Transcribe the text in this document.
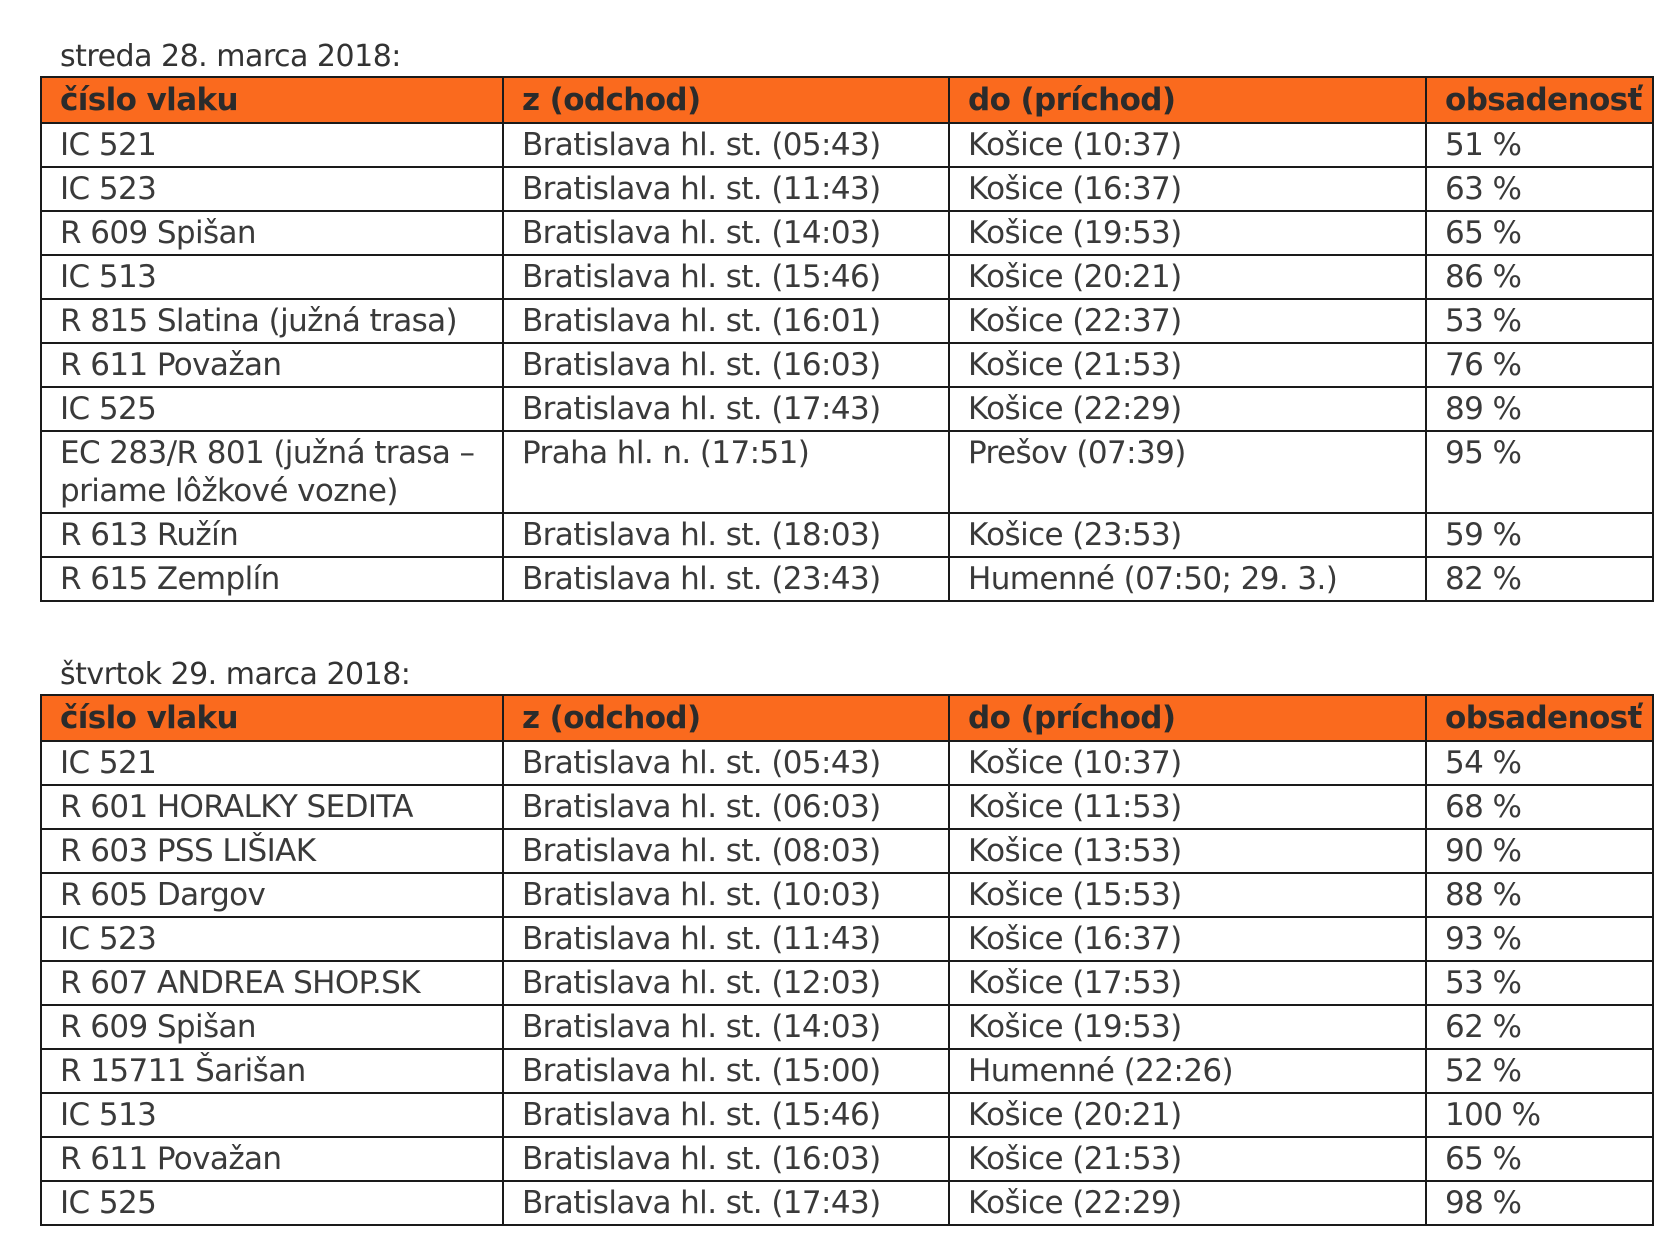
streda 28. marca 2018:
číslo vlaku	z (odchod)	do (príchod)	obsadenosť
IC 521	Bratislava hl. st. (05:43)	Košice (10:37)	51 %
IC 523	Bratislava hl. st. (11:43)	Košice (16:37)	63 %
R 609 Spišan	Bratislava hl. st. (14:03)	Košice (19:53)	65 %
IC 513	Bratislava hl. st. (15:46)	Košice (20:21)	86 %
R 815 Slatina (južná trasa)	Bratislava hl. st. (16:01)	Košice (22:37)	53 %
R 611 Považan	Bratislava hl. st. (16:03)	Košice (21:53)	76 %
IC 525	Bratislava hl. st. (17:43)	Košice (22:29)	89 %
EC 283/R 801 (južná trasa – priame lôžkové vozne)	Praha hl. n. (17:51)	Prešov (07:39)	95 %
R 613 Ružín	Bratislava hl. st. (18:03)	Košice (23:53)	59 %
R 615 Zemplín	Bratislava hl. st. (23:43)	Humenné (07:50; 29. 3.)	82 %
štvrtok 29. marca 2018:
číslo vlaku	z (odchod)	do (príchod)	obsadenosť
IC 521	Bratislava hl. st. (05:43)	Košice (10:37)	54 %
R 601 HORALKY SEDITA	Bratislava hl. st. (06:03)	Košice (11:53)	68 %
R 603 PSS LIŠIAK	Bratislava hl. st. (08:03)	Košice (13:53)	90 %
R 605 Dargov	Bratislava hl. st. (10:03)	Košice (15:53)	88 %
IC 523	Bratislava hl. st. (11:43)	Košice (16:37)	93 %
R 607 ANDREA SHOP.SK	Bratislava hl. st. (12:03)	Košice (17:53)	53 %
R 609 Spišan	Bratislava hl. st. (14:03)	Košice (19:53)	62 %
R 15711 Šarišan	Bratislava hl. st. (15:00)	Humenné (22:26)	52 %
IC 513	Bratislava hl. st. (15:46)	Košice (20:21)	100 %
R 611 Považan	Bratislava hl. st. (16:03)	Košice (21:53)	65 %
IC 525	Bratislava hl. st. (17:43)	Košice (22:29)	98 %
